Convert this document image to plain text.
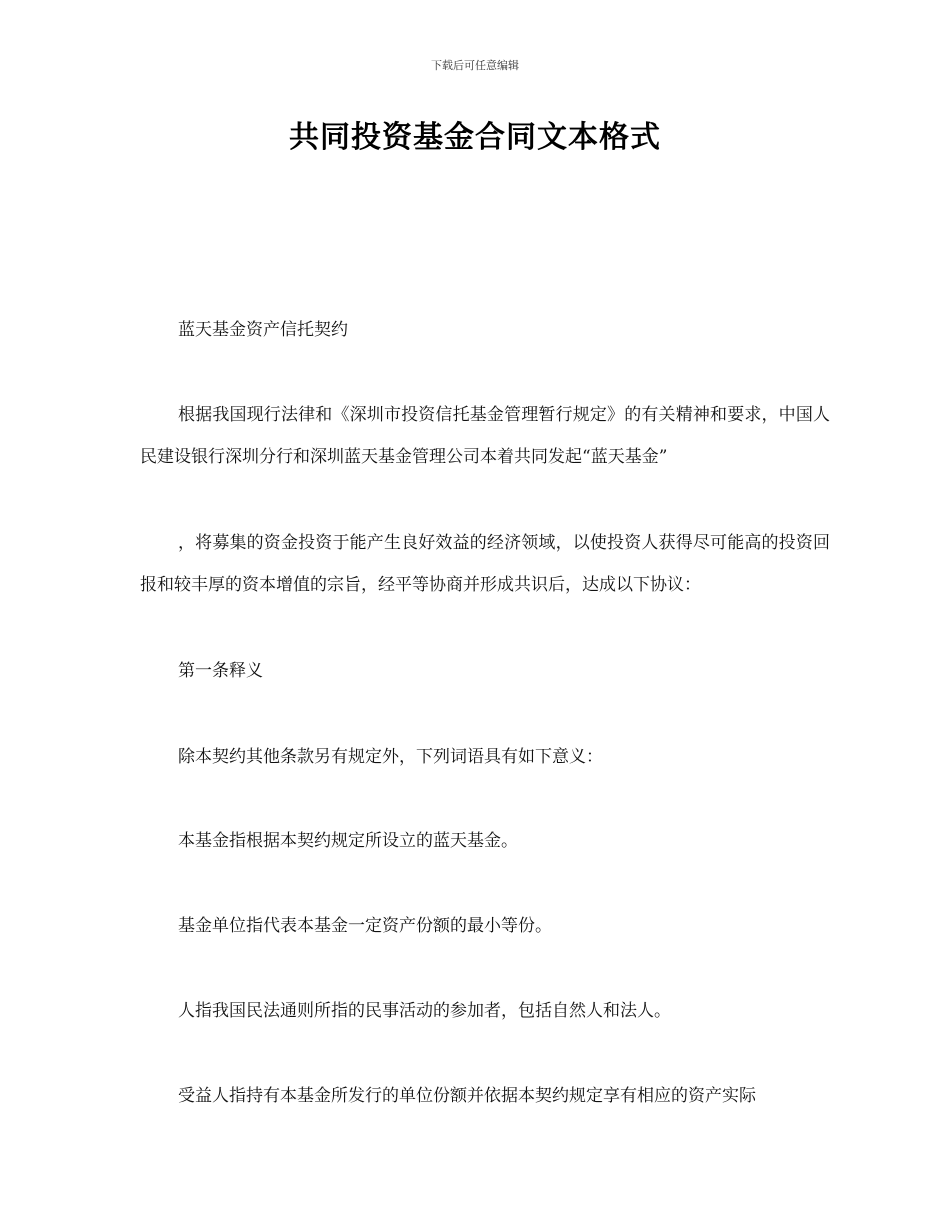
下载后可任意编辑
共同投资基金合同文本格式

蓝天基金资产信托契约

根据我国现行法律和《深圳市投资信托基金管理暂行规定》的有关精神和要求，中国人民建设银行深圳分行和深圳蓝天基金管理公司本着共同发起“蓝天基金”

，将募集的资金投资于能产生良好效益的经济领域，以使投资人获得尽可能高的投资回报和较丰厚的资本增值的宗旨，经平等协商并形成共识后，达成以下协议：

第一条释义

除本契约其他条款另有规定外，下列词语具有如下意义：

本基金指根据本契约规定所设立的蓝天基金。

基金单位指代表本基金一定资产份额的最小等份。

人指我国民法通则所指的民事活动的参加者，包括自然人和法人。

受益人指持有本基金所发行的单位份额并依据本契约规定享有相应的资产实际
